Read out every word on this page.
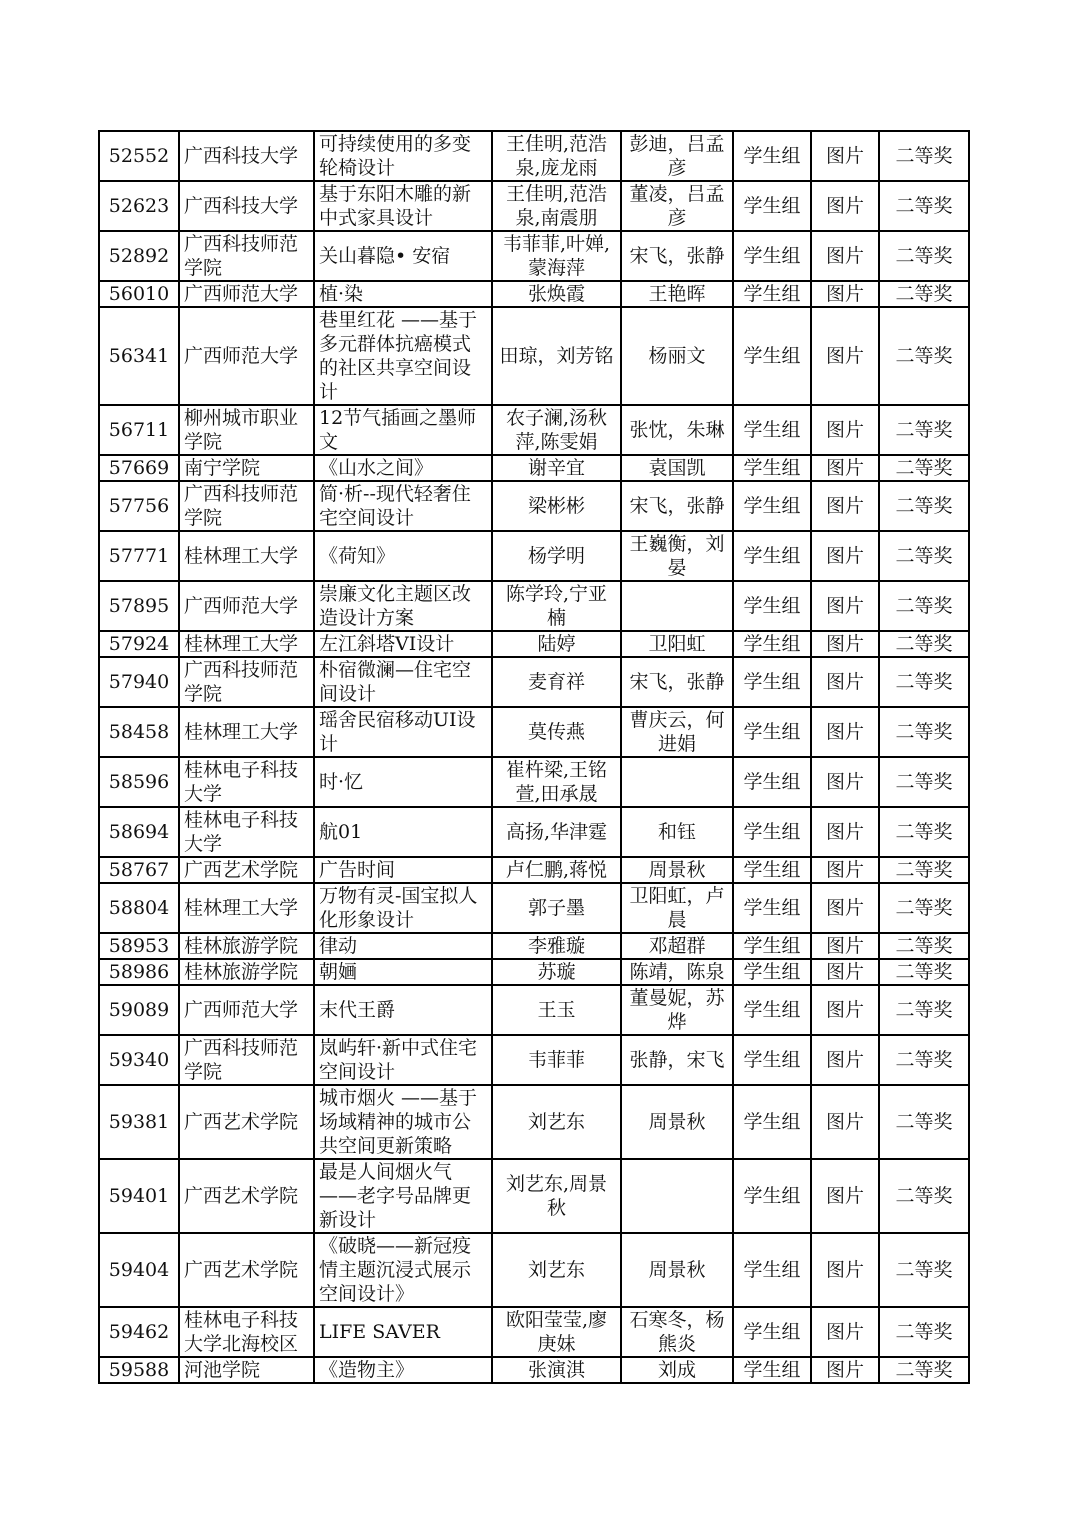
52552	广西科技大学	可持续使用的多变轮椅设计	王佳明,范浩泉,庞龙雨	彭迪，吕孟彦	学生组	图片	二等奖
52623	广西科技大学	基于东阳木雕的新中式家具设计	王佳明,范浩泉,南震朋	董凌，吕孟彦	学生组	图片	二等奖
52892	广西科技师范学院	关山暮隐• 安宿	韦菲菲,叶婵,蒙海萍	宋飞，张静	学生组	图片	二等奖
56010	广西师范大学	植·染	张焕霞	王艳晖	学生组	图片	二等奖
56341	广西师范大学	巷里红花 ——基于多元群体抗癌模式的社区共享空间设计	田琼，刘芳铭	杨丽文	学生组	图片	二等奖
56711	柳州城市职业学院	12节气插画之墨师文	农子澜,汤秋萍,陈雯娟	张忱，朱琳	学生组	图片	二等奖
57669	南宁学院	《山水之间》	谢辛宜	袁国凯	学生组	图片	二等奖
57756	广西科技师范学院	简·析--现代轻奢住宅空间设计	梁彬彬	宋飞，张静	学生组	图片	二等奖
57771	桂林理工大学	《荷知》	杨学明	王巍衡，刘晏	学生组	图片	二等奖
57895	广西师范大学	崇廉文化主题区改造设计方案	陈学玲,宁亚楠		学生组	图片	二等奖
57924	桂林理工大学	左江斜塔VI设计	陆婷	卫阳虹	学生组	图片	二等奖
57940	广西科技师范学院	朴宿微澜—住宅空间设计	麦育祥	宋飞，张静	学生组	图片	二等奖
58458	桂林理工大学	瑶舍民宿移动UI设计	莫传燕	曹庆云，何进娟	学生组	图片	二等奖
58596	桂林电子科技大学	时·忆	崔杵梁,王铭萱,田承晟		学生组	图片	二等奖
58694	桂林电子科技大学	航01	高扬,华津霆	和钰	学生组	图片	二等奖
58767	广西艺术学院	广告时间	卢仁鹏,蒋悦	周景秋	学生组	图片	二等奖
58804	桂林理工大学	万物有灵-国宝拟人化形象设计	郭子墨	卫阳虹，卢晨	学生组	图片	二等奖
58953	桂林旅游学院	律动	李雅璇	邓超群	学生组	图片	二等奖
58986	桂林旅游学院	朝婳	苏璇	陈靖，陈泉	学生组	图片	二等奖
59089	广西师范大学	末代王爵	王玉	董曼妮，苏烨	学生组	图片	二等奖
59340	广西科技师范学院	岚屿轩·新中式住宅空间设计	韦菲菲	张静，宋飞	学生组	图片	二等奖
59381	广西艺术学院	城市烟火 ——基于场域精神的城市公共空间更新策略	刘艺东	周景秋	学生组	图片	二等奖
59401	广西艺术学院	最是人间烟火气——老字号品牌更新设计	刘艺东,周景秋		学生组	图片	二等奖
59404	广西艺术学院	《破晓——新冠疫情主题沉浸式展示空间设计》	刘艺东	周景秋	学生组	图片	二等奖
59462	桂林电子科技大学北海校区	LIFE SAVER	欧阳莹莹,廖庚妹	石寒冬，杨熊炎	学生组	图片	二等奖
59588	河池学院	《造物主》	张演淇	刘成	学生组	图片	二等奖
